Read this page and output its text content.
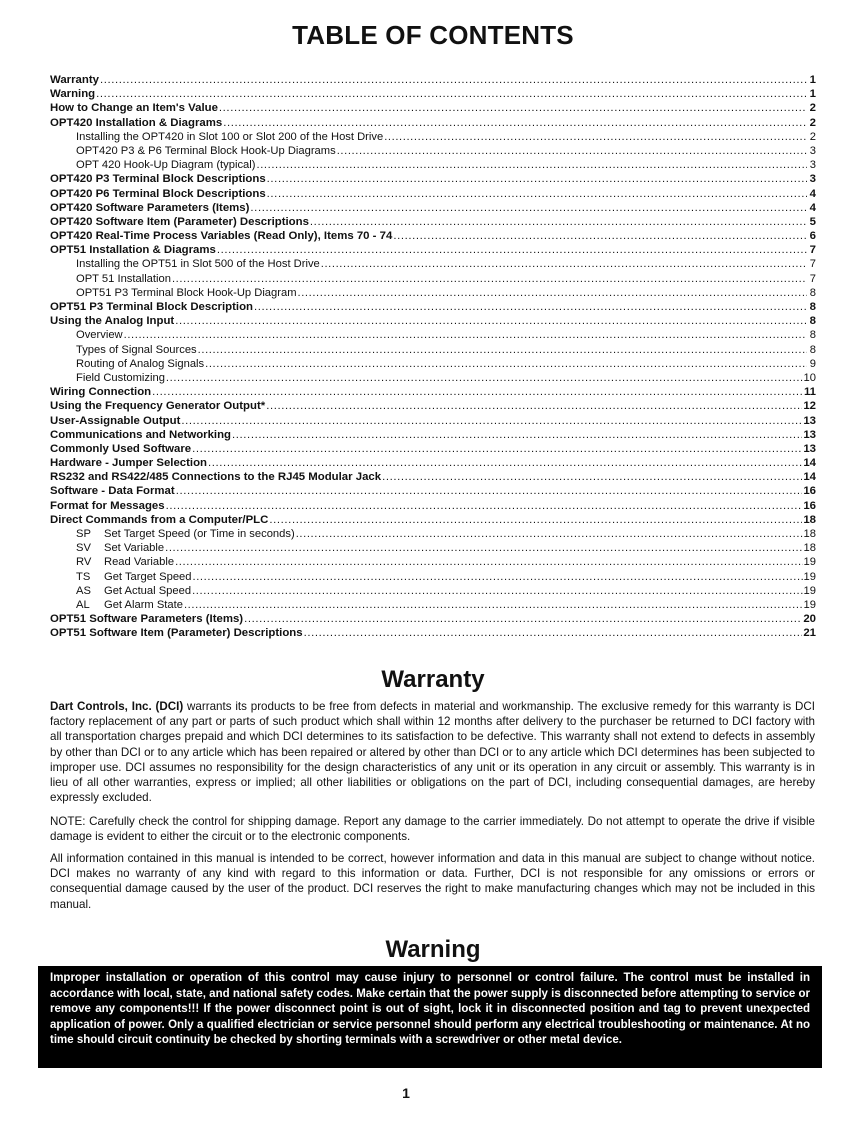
TABLE OF CONTENTS
Warranty .....	1
Warning .....	1
How to Change an Item's Value .....	2
OPT420 Installation & Diagrams .....	2
Installing the OPT420 in Slot 100 or Slot 200 of the Host Drive .....	2
OPT420 P3 & P6 Terminal Block Hook-Up Diagrams .....	3
OPT 420 Hook-Up Diagram (typical) .....	3
OPT420 P3 Terminal Block Descriptions .....	3
OPT420 P6 Terminal Block Descriptions .....	4
OPT420 Software Parameters (Items) .....	4
OPT420 Software Item (Parameter) Descriptions .....	5
OPT420 Real-Time Process Variables (Read Only), Items 70 - 74 .....	6
OPT51 Installation & Diagrams .....	7
Installing the OPT51 in Slot 500 of the Host Drive .....	7
OPT 51 Installation .....	7
OPT51 P3 Terminal Block Hook-Up Diagram .....	8
OPT51 P3 Terminal Block Description .....	8
Using the Analog Input .....	8
Overview .....	8
Types of Signal Sources .....	8
Routing of Analog Signals .....	9
Field Customizing .....	10
Wiring Connection .....	11
Using the Frequency Generator Output* .....	12
User-Assignable Output .....	13
Communications and Networking .....	13
Commonly Used Software .....	13
Hardware - Jumper Selection .....	14
RS232 and RS422/485 Connections to the RJ45 Modular Jack .....	14
Software - Data Format .....	16
Format for Messages .....	16
Direct Commands from a Computer/PLC .....	18
SP Set Target Speed (or Time in seconds) .....	18
SV Set Variable .....	18
RV Read Variable .....	19
TS Get Target Speed .....	19
AS Get Actual Speed .....	19
AL Get Alarm State .....	19
OPT51 Software Parameters (Items) .....	20
OPT51 Software Item (Parameter) Descriptions .....	21
Warranty

Dart Controls, Inc. (DCI) warrants its products to be free from defects in material and workmanship. The exclusive remedy for this warranty is DCI factory replacement of any part or parts of such product which shall within 12 months after delivery to the purchaser be returned to DCI factory with all transportation charges prepaid and which DCI determines to its satisfaction to be defective. This warranty shall not extend to defects in assembly by other than DCI or to any article which has been repaired or altered by other than DCI or to any article which DCI determines has been subjected to improper use. DCI assumes no responsibility for the design characteristics of any unit or its operation in any circuit or assembly. This warranty is in lieu of all other warranties, express or implied; all other liabilities or obligations on the part of DCI, including consequential damages, are hereby expressly excluded.

NOTE: Carefully check the control for shipping damage. Report any damage to the carrier immediately. Do not attempt to operate the drive if visible damage is evident to either the circuit or to the electronic components.

All information contained in this manual is intended to be correct, however information and data in this manual are subject to change without notice. DCI makes no warranty of any kind with regard to this information or data. Further, DCI is not responsible for any omissions or errors or consequential damage caused by the user of the product. DCI reserves the right to make manufacturing changes which may not be included in this manual.

Warning

Improper installation or operation of this control may cause injury to personnel or control failure. The control must be installed in accordance with local, state, and national safety codes. Make certain that the power supply is disconnected before attempting to service or remove any components!!! If the power disconnect point is out of sight, lock it in disconnected position and tag to prevent unexpected application of power. Only a qualified electrician or service personnel should perform any electrical troubleshooting or maintenance. At no time should circuit continuity be checked by shorting terminals with a screwdriver or other metal device.

1
